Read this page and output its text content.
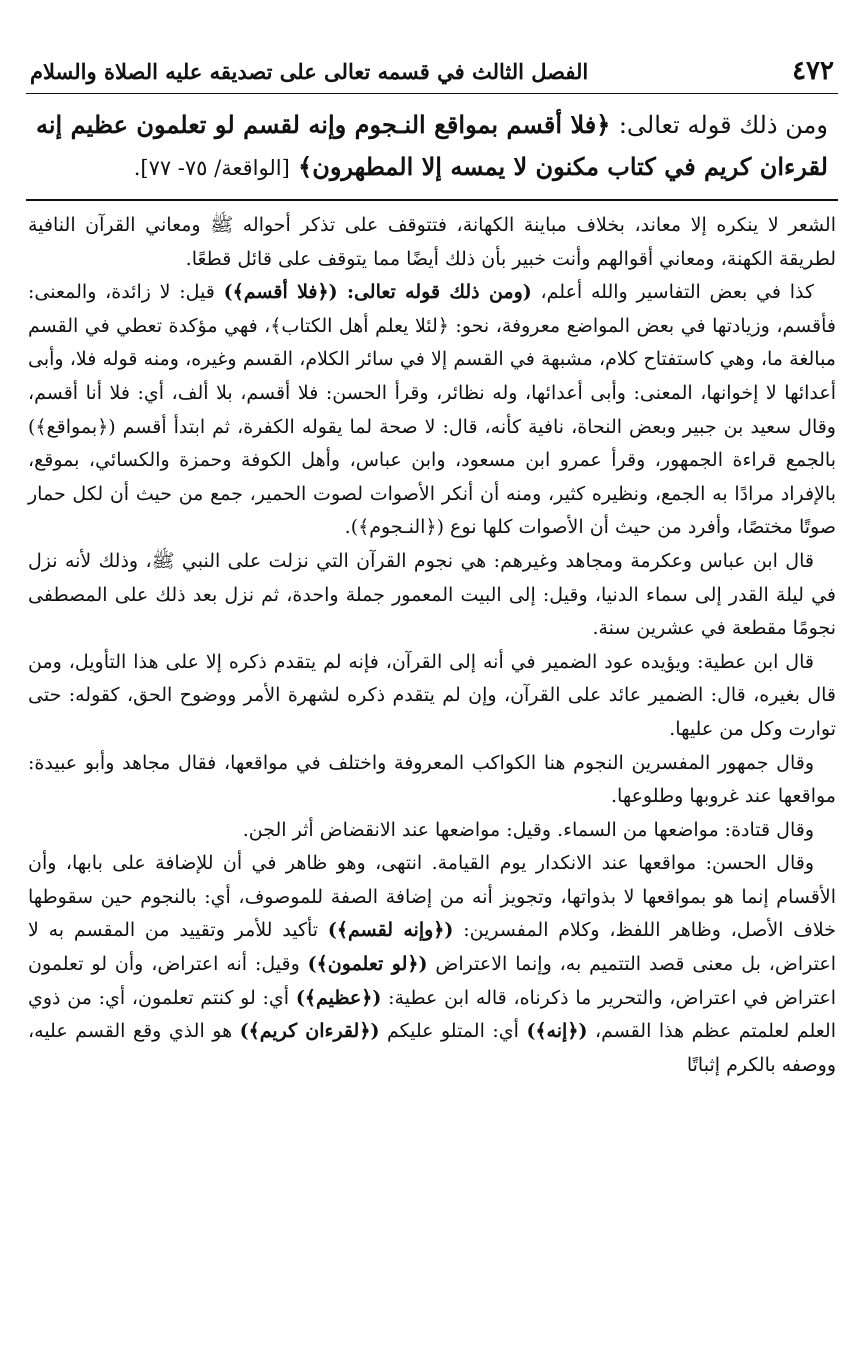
٤٧٢
الفصل الثالث في قسمه تعالى على تصديقه عليه الصلاة والسلام
ومن ذلك قوله تعالى: ﴿فلا أقسم بمواقع النـجوم وإنه لقسم لو تعلمون عظيم إنه لقرءان كريم في كتاب مكنون لا يمسه إلا المطهرون﴾ [الواقعة/ ٧٥- ٧٧].

الشعر لا ينكره إلا معاند، بخلاف مباينة الكهانة، فتتوقف على تذكر أحواله ﷺ ومعاني القرآن النافية لطريقة الكهنة، ومعاني أقوالهم وأنت خبير بأن ذلك أيضًا مما يتوقف على قائل قطعًا.

كذا في بعض التفاسير والله أعلم، (ومن ذلك قوله تعالى: (﴿فلا أقسم﴾) قيل: لا زائدة، والمعنى: فأقسم، وزيادتها في بعض المواضع معروفة، نحو: ﴿لئلا يعلم أهل الكتاب﴾، فهي مؤكدة تعطي في القسم مبالغة ما، وهي كاستفتاح كلام، مشبهة في القسم إلا في سائر الكلام، القسم وغيره، ومنه قوله فلا، وأبى أعدائها لا إخوانها، المعنى: وأبى أعدائها، وله نظائر، وقرأ الحسن: فلا أقسم، بلا ألف، أي: فلا أنا أقسم، وقال سعيد بن جبير وبعض النحاة، نافية كأنه، قال: لا صحة لما يقوله الكفرة، ثم ابتدأ أقسم (﴿بمواقع﴾) بالجمع قراءة الجمهور، وقرأ عمرو ابن مسعود، وابن عباس، وأهل الكوفة وحمزة والكسائي، بموقع، بالإفراد مرادًا به الجمع، ونظيره كثير، ومنه أن أنكر الأصوات لصوت الحمير، جمع من حيث أن لكل حمار صوتًا مختصًا، وأفرد من حيث أن الأصوات كلها نوع (﴿النـجوم﴾).

قال ابن عباس وعكرمة ومجاهد وغيرهم: هي نجوم القرآن التي نزلت على النبي ﷺ، وذلك لأنه نزل في ليلة القدر إلى سماء الدنيا، وقيل: إلى البيت المعمور جملة واحدة، ثم نزل بعد ذلك على المصطفى نجومًا مقطعة في عشرين سنة.

قال ابن عطية: ويؤيده عود الضمير في أنه إلى القرآن، فإنه لم يتقدم ذكره إلا على هذا التأويل، ومن قال بغيره، قال: الضمير عائد على القرآن، وإن لم يتقدم ذكره لشهرة الأمر ووضوح الحق، كقوله: حتى توارت وكل من عليها.

وقال جمهور المفسرين النجوم هنا الكواكب المعروفة واختلف في مواقعها، فقال مجاهد وأبو عبيدة: مواقعها عند غروبها وطلوعها.

وقال قتادة: مواضعها من السماء. وقيل: مواضعها عند الانقضاض أثر الجن.

وقال الحسن: مواقعها عند الانكدار يوم القيامة. انتهى، وهو ظاهر في أن للإضافة على بابها، وأن الأقسام إنما هو بمواقعها لا بذواتها، وتجويز أنه من إضافة الصفة للموصوف، أي: بالنجوم حين سقوطها خلاف الأصل، وظاهر اللفظ، وكلام المفسرين: (﴿وإنه لقسم﴾) تأكيد للأمر وتقييد من المقسم به لا اعتراض، بل معنى قصد التتميم به، وإنما الاعتراض (﴿لو تعلمون﴾) وقيل: أنه اعتراض، وأن لو تعلمون اعتراض في اعتراض، والتحرير ما ذكرناه، قاله ابن عطية: (﴿عظيم﴾) أي: لو كنتم تعلمون، أي: من ذوي العلم لعلمتم عظم هذا القسم، (﴿إنه﴾) أي: المتلو عليكم (﴿لقرءان كريم﴾) هو الذي وقع القسم عليه، ووصفه بالكرم إثباتًا
